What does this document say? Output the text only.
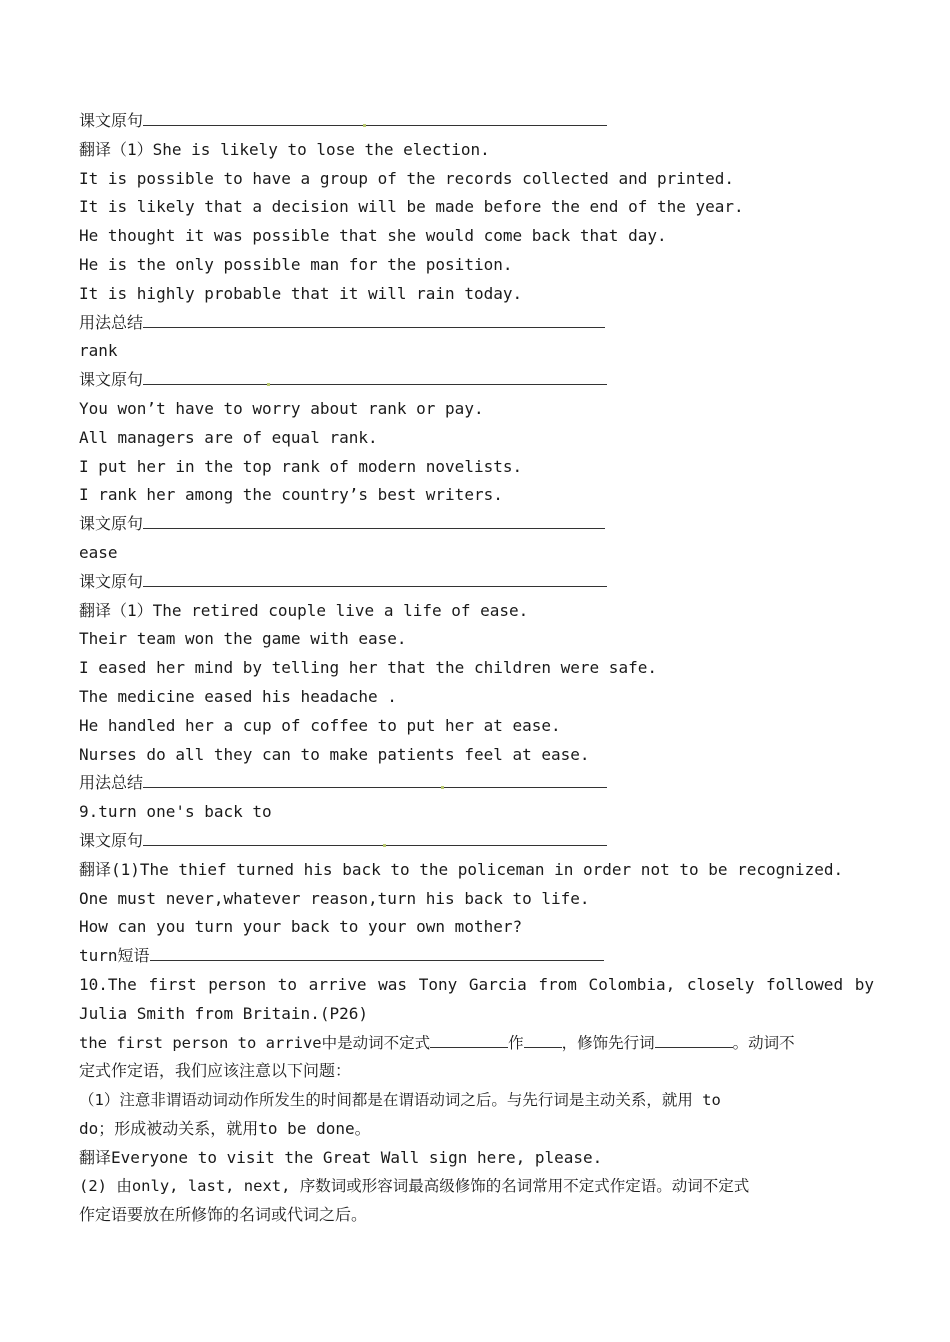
课文原句
翻译（1）She is likely to lose the election.
It is possible to have a group of the records collected and printed.
It is likely that a decision will be made before the end of the year.
He thought it was possible that she would come back that day.
He is the only possible man for the position.
It is highly probable that it will rain today.
用法总结
rank
课文原句
You won’t have to worry about rank or pay.
All managers are of equal rank.
I put her in the top rank of modern novelists.
I rank her among the country’s best writers.
课文原句
ease
课文原句
翻译（1）The retired couple live a life of ease.
Their team won the game with ease.
I eased her mind by telling her that the children were safe.
The medicine eased his headache .
He handled her a cup of coffee to put her at ease.
Nurses do all they can to make patients feel at ease.
用法总结
9.turn one's back to
课文原句
翻译(1)The thief turned his back to the policeman in order not to be recognized.
One must never,whatever reason,turn his back to life.
How can you turn your back to your own mother?
turn短语
10.The first person to arrive was Tony Garcia from Colombia, closely followed by
Julia Smith from Britain.(P26)
the first person to arrive中是动词不定式	作 ，修饰先行词	。动词不
定式作定语，我们应该注意以下问题：
（1）注意非谓语动词动作所发生的时间都是在谓语动词之后。与先行词是主动关系，就用 to
do；形成被动关系，就用to be done。
翻译Everyone to visit the Great Wall sign here, please.
(2) 由only, last, next, 序数词或形容词最高级修饰的名词常用不定式作定语。动词不定式
作定语要放在所修饰的名词或代词之后。
